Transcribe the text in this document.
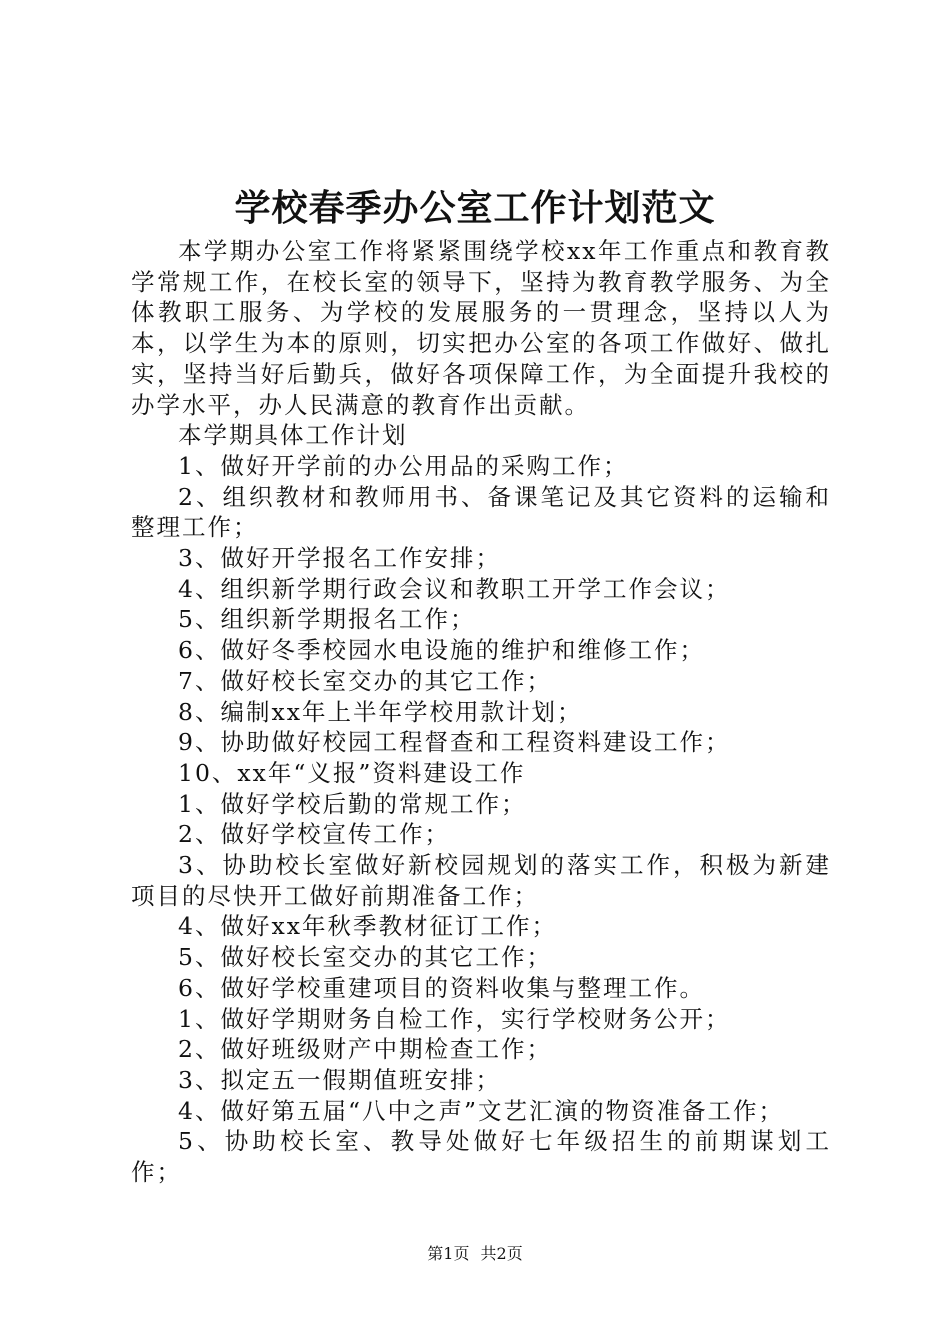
学校春季办公室工作计划范文

本学期办公室工作将紧紧围绕学校xx年工作重点和教育教学常规工作，在校长室的领导下，坚持为教育教学服务、为全体教职工服务、为学校的发展服务的一贯理念，坚持以人为本，以学生为本的原则，切实把办公室的各项工作做好、做扎实，坚持当好后勤兵，做好各项保障工作，为全面提升我校的办学水平，办人民满意的教育作出贡献。

本学期具体工作计划

1、做好开学前的办公用品的采购工作；

2、组织教材和教师用书、备课笔记及其它资料的运输和整理工作；

3、做好开学报名工作安排；

4、组织新学期行政会议和教职工开学工作会议；

5、组织新学期报名工作；

6、做好冬季校园水电设施的维护和维修工作；

7、做好校长室交办的其它工作；

8、编制xx年上半年学校用款计划；

9、协助做好校园工程督查和工程资料建设工作；

10、xx年“义报”资料建设工作

1、做好学校后勤的常规工作；

2、做好学校宣传工作；

3、协助校长室做好新校园规划的落实工作，积极为新建项目的尽快开工做好前期准备工作；

4、做好xx年秋季教材征订工作；

5、做好校长室交办的其它工作；

6、做好学校重建项目的资料收集与整理工作。

1、做好学期财务自检工作，实行学校财务公开；

2、做好班级财产中期检查工作；

3、拟定五一假期值班安排；

4、做好第五届“八中之声”文艺汇演的物资准备工作；

5、协助校长室、教导处做好七年级招生的前期谋划工作；

第1页 共2页
